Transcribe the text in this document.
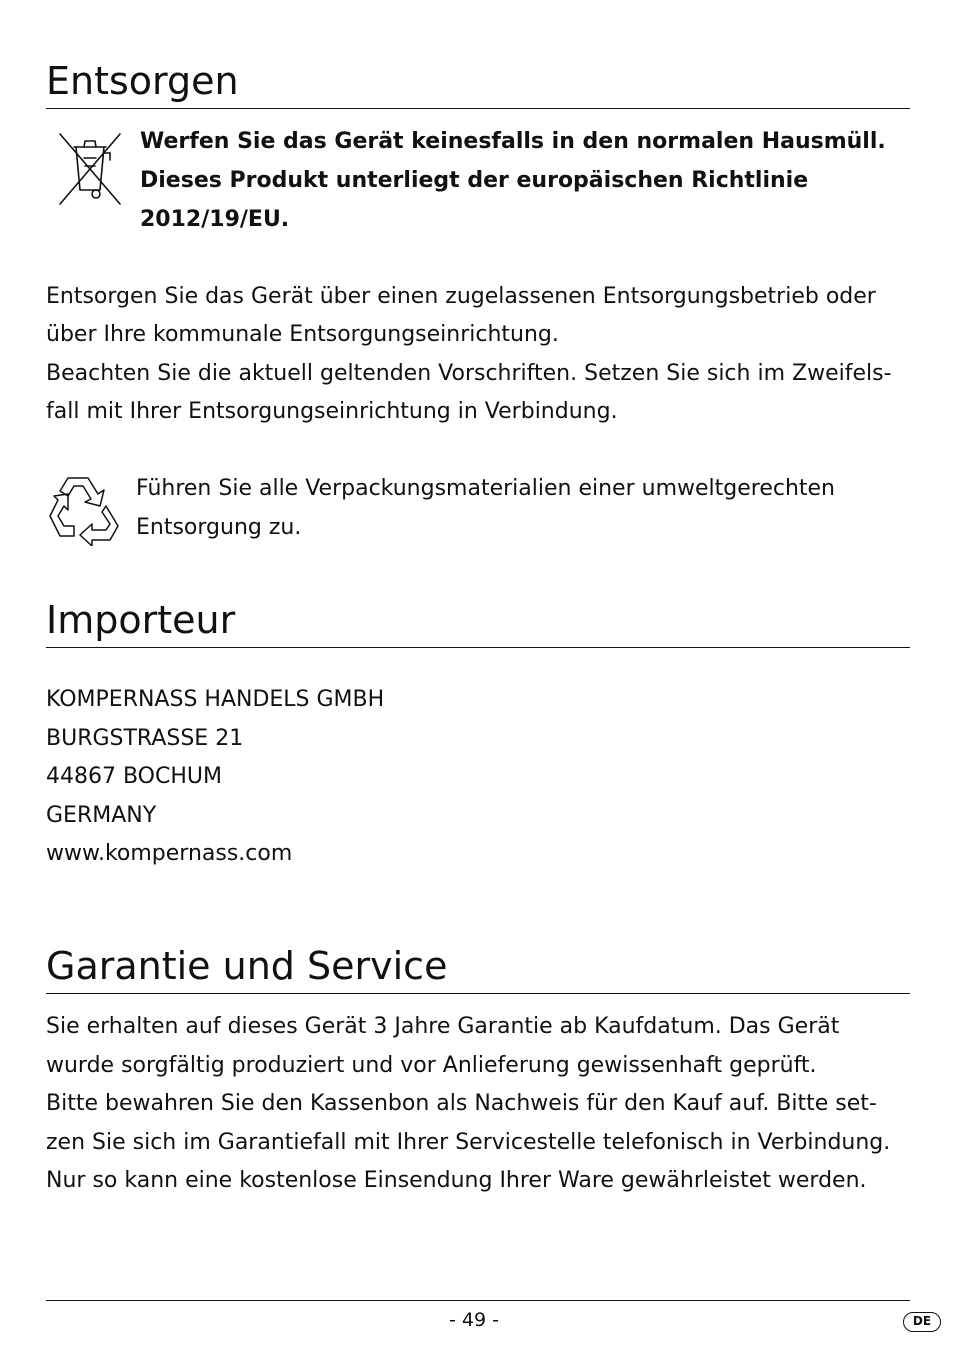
Entsorgen
Werfen Sie das Gerät keinesfalls in den normalen Hausmüll.
Dieses Produkt unterliegt der europäischen Richtlinie
2012/19/EU.
Entsorgen Sie das Gerät über einen zugelassenen Entsorgungsbetrieb oder
über Ihre kommunale Entsorgungseinrichtung.
Beachten Sie die aktuell geltenden Vorschriften. Setzen Sie sich im Zweifels-
fall mit Ihrer Entsorgungseinrichtung in Verbindung.
Führen Sie alle Verpackungsmaterialien einer umweltgerechten
Entsorgung zu.
Importeur
KOMPERNASS HANDELS GMBH
BURGSTRASSE 21
44867 BOCHUM
GERMANY
www.kompernass.com
Garantie und Service
Sie erhalten auf dieses Gerät 3 Jahre Garantie ab Kaufdatum. Das Gerät
wurde sorgfältig produziert und vor Anlieferung gewissenhaft geprüft.
Bitte bewahren Sie den Kassenbon als Nachweis für den Kauf auf. Bitte set-
zen Sie sich im Garantiefall mit Ihrer Servicestelle telefonisch in Verbindung.
Nur so kann eine kostenlose Einsendung Ihrer Ware gewährleistet werden.
- 49 -	DE
